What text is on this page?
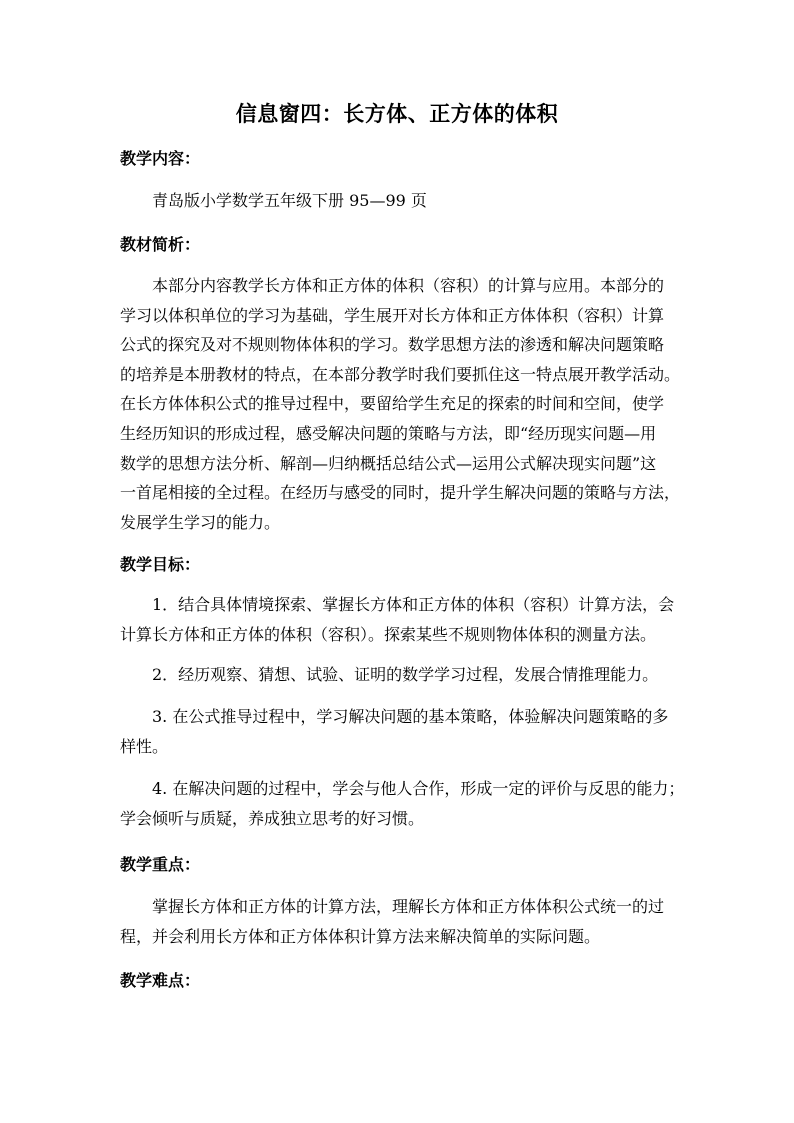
信息窗四：长方体、正方体的体积
教学内容：
青岛版小学数学五年级下册 95—99 页
教材简析：
本部分内容教学长方体和正方体的体积（容积）的计算与应用。本部分的
学习以体积单位的学习为基础，学生展开对长方体和正方体体积（容积）计算
公式的探究及对不规则物体体积的学习。数学思想方法的渗透和解决问题策略
的培养是本册教材的特点，在本部分教学时我们要抓住这一特点展开教学活动。
在长方体体积公式的推导过程中，要留给学生充足的探索的时间和空间，使学
生经历知识的形成过程，感受解决问题的策略与方法，即“经历现实问题—用
数学的思想方法分析、解剖—归纳概括总结公式—运用公式解决现实问题”这
一首尾相接的全过程。在经历与感受的同时，提升学生解决问题的策略与方法，
发展学生学习的能力。
教学目标：
1．结合具体情境探索、掌握长方体和正方体的体积（容积）计算方法，会
计算长方体和正方体的体积（容积）。探索某些不规则物体体积的测量方法。
2．经历观察、猜想、试验、证明的数学学习过程，发展合情推理能力。
3. 在公式推导过程中，学习解决问题的基本策略，体验解决问题策略的多
样性。
4. 在解决问题的过程中，学会与他人合作，形成一定的评价与反思的能力；
学会倾听与质疑，养成独立思考的好习惯。
教学重点：
掌握长方体和正方体的计算方法，理解长方体和正方体体积公式统一的过
程，并会利用长方体和正方体体积计算方法来解决简单的实际问题。
教学难点：
